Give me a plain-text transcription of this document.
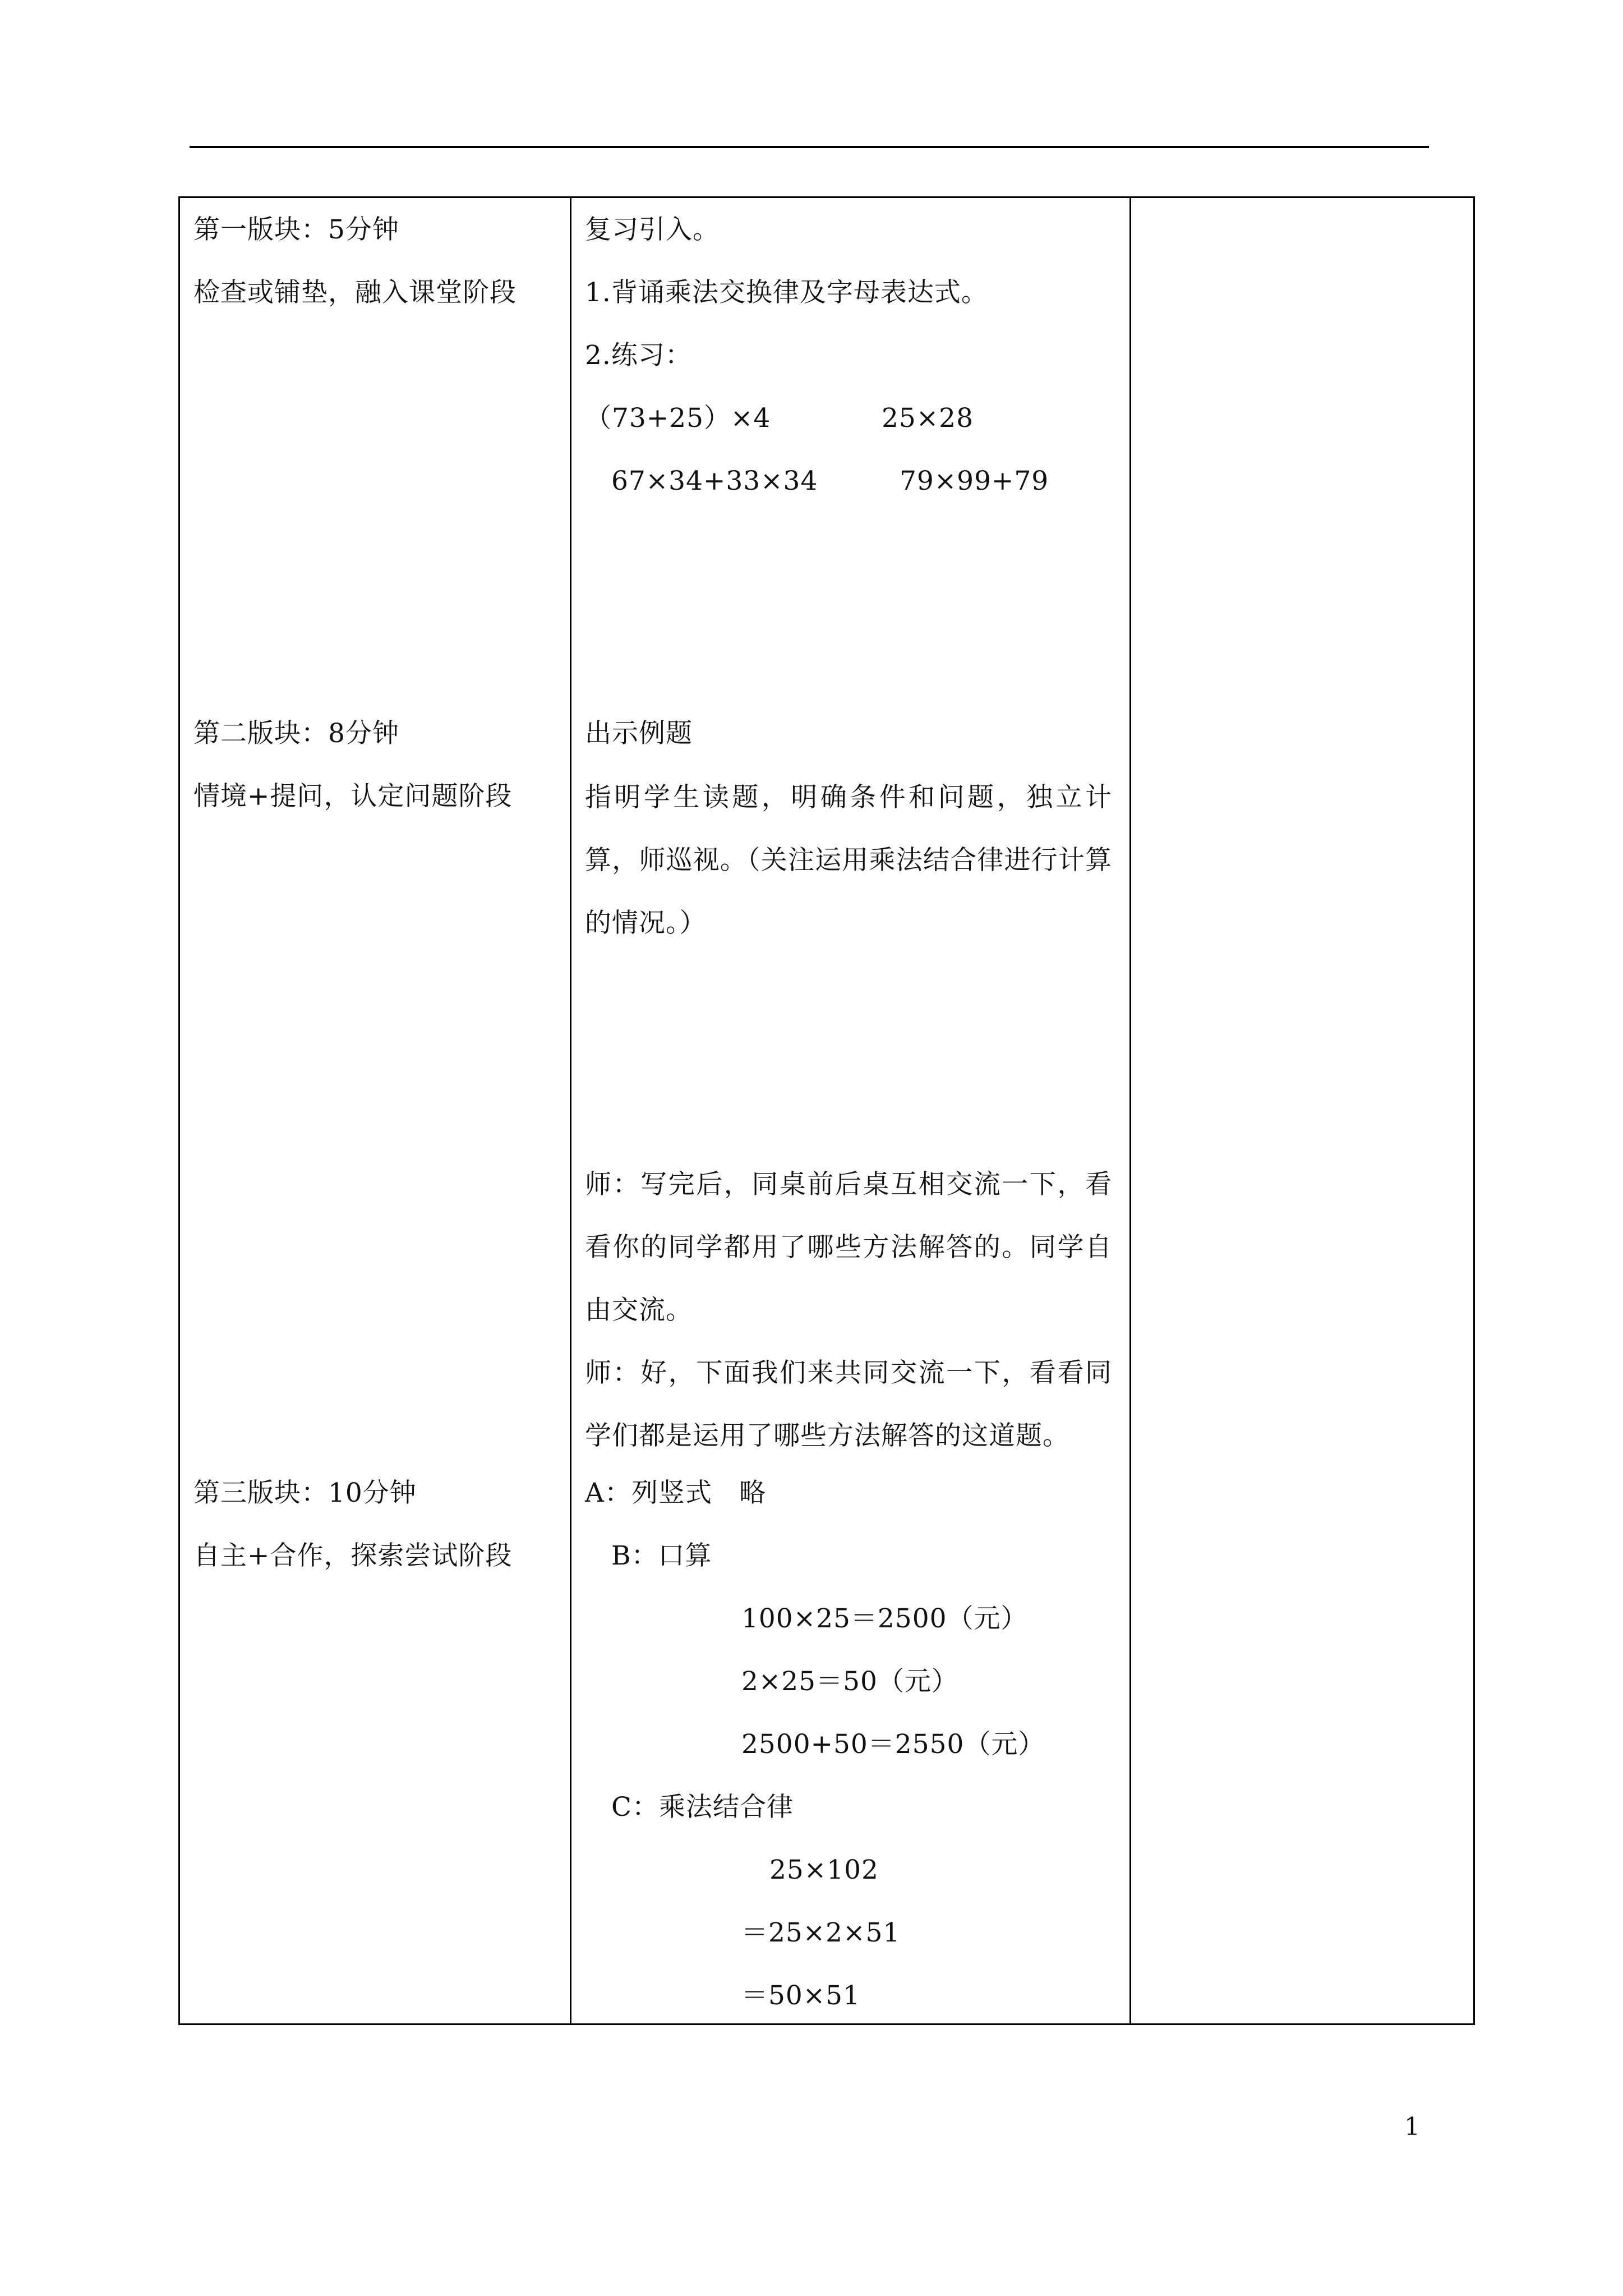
第一版块：5分钟
检查或铺垫，融入课堂阶段
第二版块：8分钟
情境+提问，认定问题阶段
第三版块：10分钟
自主+合作，探索尝试阶段
复习引入。
1.背诵乘法交换律及字母表达式。
2.练习：
（73+25）×4	25×28
67×34+33×34	79×99+79
出示例题
指明学生读题，明确条件和问题，独立计算，师巡视。（关注运用乘法结合律进行计算的情况。）
师：写完后，同桌前后桌互相交流一下，看看你的同学都用了哪些方法解答的。同学自由交流。
师：好，下面我们来共同交流一下，看看同学们都是运用了哪些方法解答的这道题。
A：列竖式　略
B：口算
100×25＝2500（元）
2×25＝50（元）
2500+50＝2550（元）
C：乘法结合律
25×102
＝25×2×51
＝50×51
1
